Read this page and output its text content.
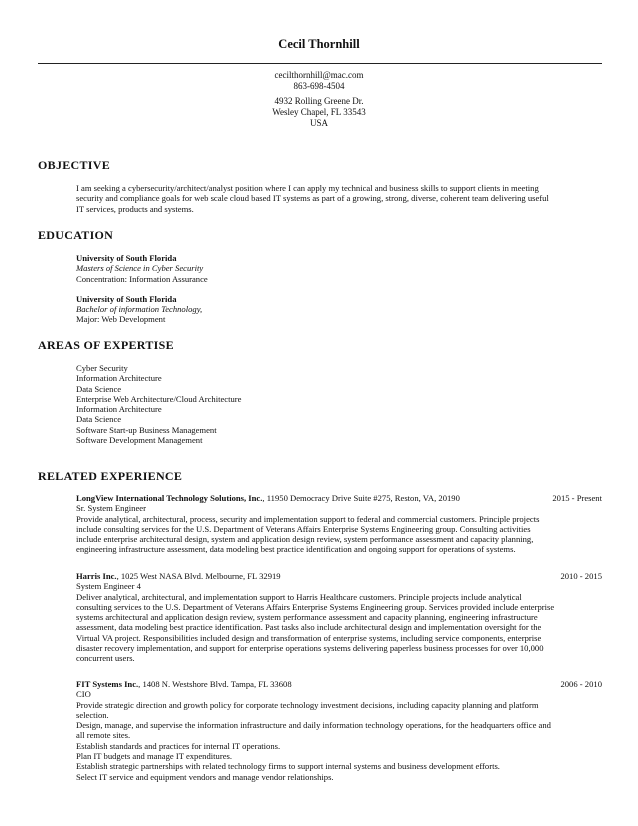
Cecil Thornhill
cecilthornhill@mac.com
863-698-4504
4932 Rolling Greene Dr.
Wesley Chapel, FL 33543
USA
OBJECTIVE
I am seeking a cybersecurity/architect/analyst position where I can apply my technical and business skills to support clients in meeting
security and compliance goals for web scale cloud based IT systems as part of a growing, strong, diverse, coherent team delivering useful
IT services, products and systems.
EDUCATION
University of South Florida
Masters of Science in Cyber Security
Concentration: Information Assurance
University of South Florida
Bachelor of information Technology,
Major: Web Development
AREAS OF EXPERTISE
Cyber Security
Information Architecture
Data Science
Enterprise Web Architecture/Cloud Architecture
Information Architecture
Data Science
Software Start-up Business Management
Software Development Management
RELATED EXPERIENCE
LongView International Technology Solutions, Inc., 11950 Democracy Drive Suite #275, Reston, VA, 20190	2015 - Present
Sr. System Engineer
Provide analytical, architectural, process, security and implementation support to federal and commercial customers. Principle projects
include consulting services for the U.S. Department of Veterans Affairs Enterprise Systems Engineering group. Consulting activities
include enterprise architectural design, system and application design review, system performance assessment and capacity planning,
engineering infrastructure assessment, data modeling best practice identification and ongoing support for operations of systems.
Harris Inc., 1025 West NASA Blvd. Melbourne, FL 32919	2010 - 2015
System Engineer 4
Deliver analytical, architectural, and implementation support to Harris Healthcare customers. Principle projects include analytical
consulting services to the U.S. Department of Veterans Affairs Enterprise Systems Engineering group. Services provided include enterprise
systems architectural and application design review, system performance assessment and capacity planning, engineering infrastructure
assessment, data modeling best practice identification. Past tasks also include architectural design and implementation oversight for the
Virtual VA project. Responsibilities included design and transformation of enterprise systems, including service components, enterprise
disaster recovery implementation, and support for enterprise operations systems delivering paperless business processes for over 10,000
concurrent users.
FIT Systems Inc., 1408 N. Westshore Blvd. Tampa, FL 33608	2006 - 2010
CIO
Provide strategic direction and growth policy for corporate technology investment decisions, including capacity planning and platform
selection.
Design, manage, and supervise the information infrastructure and daily information technology operations, for the headquarters office and
all remote sites.
Establish standards and practices for internal IT operations.
Plan IT budgets and manage IT expenditures.
Establish strategic partnerships with related technology firms to support internal systems and business development efforts.
Select IT service and equipment vendors and manage vendor relationships.
